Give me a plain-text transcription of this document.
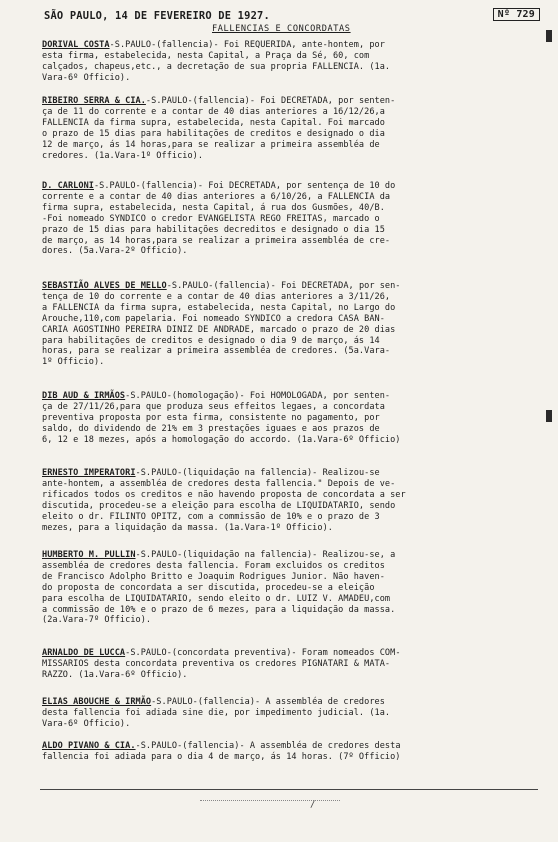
SÃO PAULO, 14 DE FEVEREIRO DE 1927.	Nº 729
FALLENCIAS E CONCORDATAS
DORIVAL COSTA-S.PAULO-(fallencia)- Foi REQUERIDA, ante-hontem, por
esta firma, estabelecida, nesta Capital, a Praça da Sé, 60, com
calçados, chapeus,etc., a decretação de sua propria FALLENCIA. (1a.
Vara-6º Officio).
RIBEIRO SERRA & CIA.-S.PAULO-(fallencia)- Foi DECRETADA, por senten-
ça de 11 do corrente e a contar de 40 dias anteriores a 16/12/26,a
FALLENCIA da firma supra, estabelecida, nesta Capital. Foi marcado
o prazo de 15 dias para habilitações de creditos e designado o dia
12 de março, ás 14 horas,para se realizar a primeira assembléa de
credores. (1a.Vara-1º Officio).
D. CARLONI-S.PAULO-(fallencia)- Foi DECRETADA, por sentença de 10 do
corrente e a contar de 40 dias anteriores a 6/10/26, a FALLENCIA da
firma supra, estabelecida, nesta Capital, á rua dos Gusmões, 40/B.
-Foi nomeado SYNDICO o credor EVANGELISTA REGO FREITAS, marcado o
prazo de 15 dias para habilitações decreditos e designado o dia 15
de março, as 14 horas,para se realizar a primeira assembléa de cre-
dores. (5a.Vara-2º Officio).
SEBASTIÃO ALVES DE MELLO-S.PAULO-(fallencia)- Foi DECRETADA, por sen-
tença de 10 do corrente e a contar de 40 dias anteriores a 3/11/26,
a FALLENCIA da firma supra, estabelecida, nesta Capital, no Largo do
Arouche,110,com papelaria. Foi nomeado SYNDICO a credora CASA BAN-
CARIA AGOSTINHO PEREIRA DINIZ DE ANDRADE, marcado o prazo de 20 dias
para habilitações de creditos e designado o dia 9 de março, ás 14
horas, para se realizar a primeira assembléa de credores. (5a.Vara-
1º Officio).
DIB AUD & IRMÃOS-S.PAULO-(homologação)- Foi HOMOLOGADA, por senten-
ça de 27/11/26,para que produza seus effeitos legaes, a concordata
preventiva proposta por esta firma, consistente no pagamento, por
saldo, do dividendo de 21% em 3 prestações iguaes e aos prazos de
6, 12 e 18 mezes, após a homologação do accordo. (1a.Vara-6º Officio)
ERNESTO IMPERATORI-S.PAULO-(liquidação na fallencia)- Realizou-se
ante-hontem, a assembléa de credores desta fallencia." Depois de ve-
rificados todos os creditos e não havendo proposta de concordata a ser
discutida, procedeu-se a eleição para escolha de LIQUIDATARIO, sendo
eleito o dr. FILINTO OPITZ, com a commissão de 10% e o prazo de 3
mezes, para a liquidação da massa. (1a.Vara-1º Officio).
HUMBERTO M. PULLIN-S.PAULO-(liquidação na fallencia)- Realizou-se, a
assembléa de credores desta fallencia. Foram excluidos os creditos
de Francisco Adolpho Britto e Joaquim Rodrigues Junior. Não haven-
do proposta de concordata a ser discutida, procedeu-se a eleição
para escolha de LIQUIDATARIO, sendo eleito o dr. LUIZ V. AMADEU,com
a commissão de 10% e o prazo de 6 mezes, para a liquidação da massa.
(2a.Vara-7º Officio).
ARNALDO DE LUCCA-S.PAULO-(concordata preventiva)- Foram nomeados COM-
MISSARIOS desta concordata preventiva os credores PIGNATARI & MATA-
RAZZO. (1a.Vara-6º Officio).
ELIAS ABOUCHE & IRMÃO-S.PAULO-(fallencia)- A assembléa de credores
desta fallencia foi adiada sine die, por impedimento judicial. (1a.
Vara-6º Officio).
ALDO PIVANO & CIA.-S.PAULO-(fallencia)- A assembléa de credores desta
fallencia foi adiada para o dia 4 de março, ás 14 horas. (7º Officio)
/
